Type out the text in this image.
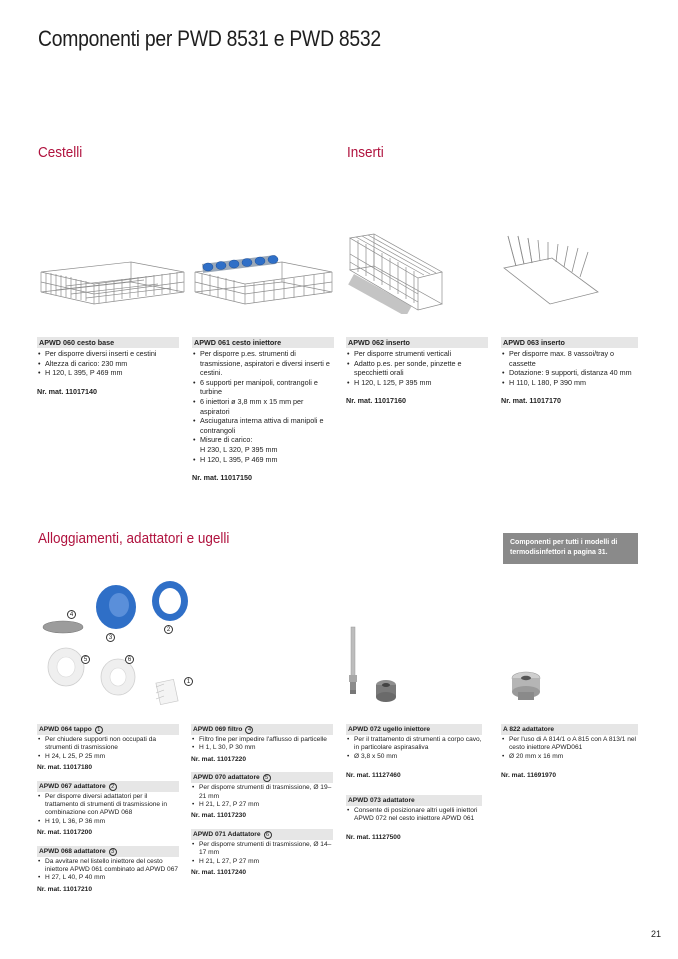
Componenti per PWD 8531 e PWD 8532
Cestelli	Inserti
Alloggiamenti, adattatori e ugelli
APWD 060 cesto base
• Per disporre diversi inserti e cestini
• Altezza di carico: 230 mm
• H 120, L 395, P 469 mm
Nr. mat. 11017140
APWD 061 cesto iniettore
• Per disporre p.es. strumenti di trasmissione, aspiratori e diversi inserti e cestini.
• 6 supporti per manipoli, contrangoli e turbine
• 6 iniettori ø 3,8 mm x 15 mm per aspiratori
• Asciugatura interna attiva di manipoli e contrangoli
• Misure di carico:
H 230, L 320, P 395 mm
• H 120, L 395, P 469 mm
Nr. mat. 11017150
APWD 062 inserto
• Per disporre strumenti verticali
• Adatto p.es. per sonde, pinzette e specchietti orali
• H 120, L 125, P 395 mm
Nr. mat. 11017160
APWD 063 inserto
• Per disporre max. 8 vassoi/tray o cassette
• Dotazione: 9 supporti, distanza 40 mm
• H 110, L 180, P 390 mm
Nr. mat. 11017170
Componenti per tutti i modelli di termodisinfettori a pagina 31.
4
3
2
5	6
1
APWD 064 tappo 1
• Per chiudere supporti non occupati da strumenti di trasmissione
• H 24, L 25, P 25 mm
Nr. mat. 11017180
APWD 067 adattatore 2
• Per disporre diversi adattatori per il trattamento di strumenti di trasmissione in combinazione con APWD 068
• H 19, L 36, P 36 mm
Nr. mat. 11017200
APWD 068 adattatore 3
• Da avvitare nel listello iniettore del cesto iniettore APWD 061 combinato ad APWD 067
• H 27, L 40, P 40 mm
Nr. mat. 11017210
APWD 069 filtro 4
• Filtro fine per impedire l'affiusso di particelle
• H 1, L 30, P 30 mm
Nr. mat. 11017220
APWD 070 adattatore 5
• Per disporre strumenti di trasmissione, Ø 19–21 mm
• H 21, L 27, P 27 mm
Nr. mat. 11017230
APWD 071 Adattatore 6
• Per disporre strumenti di trasmissione, Ø 14–17 mm
• H 21, L 27, P 27 mm
Nr. mat. 11017240
APWD 072 ugello iniettore
• Per il trattamento di strumenti a corpo cavo, in particolare aspirasaliva
• Ø 3,8 x 50 mm
Nr. mat. 11127460
APWD 073 adattatore
• Consente di posizionare altri ugelli iniettori APWD 072 nel cesto iniettore APWD 061
Nr. mat. 11127500
A 822 adattatore
• Per l'uso di A 814/1 o A 815 con A 813/1 nel cesto iniettore APWD061
• Ø 20 mm x 16 mm
Nr. mat. 11691970
21
